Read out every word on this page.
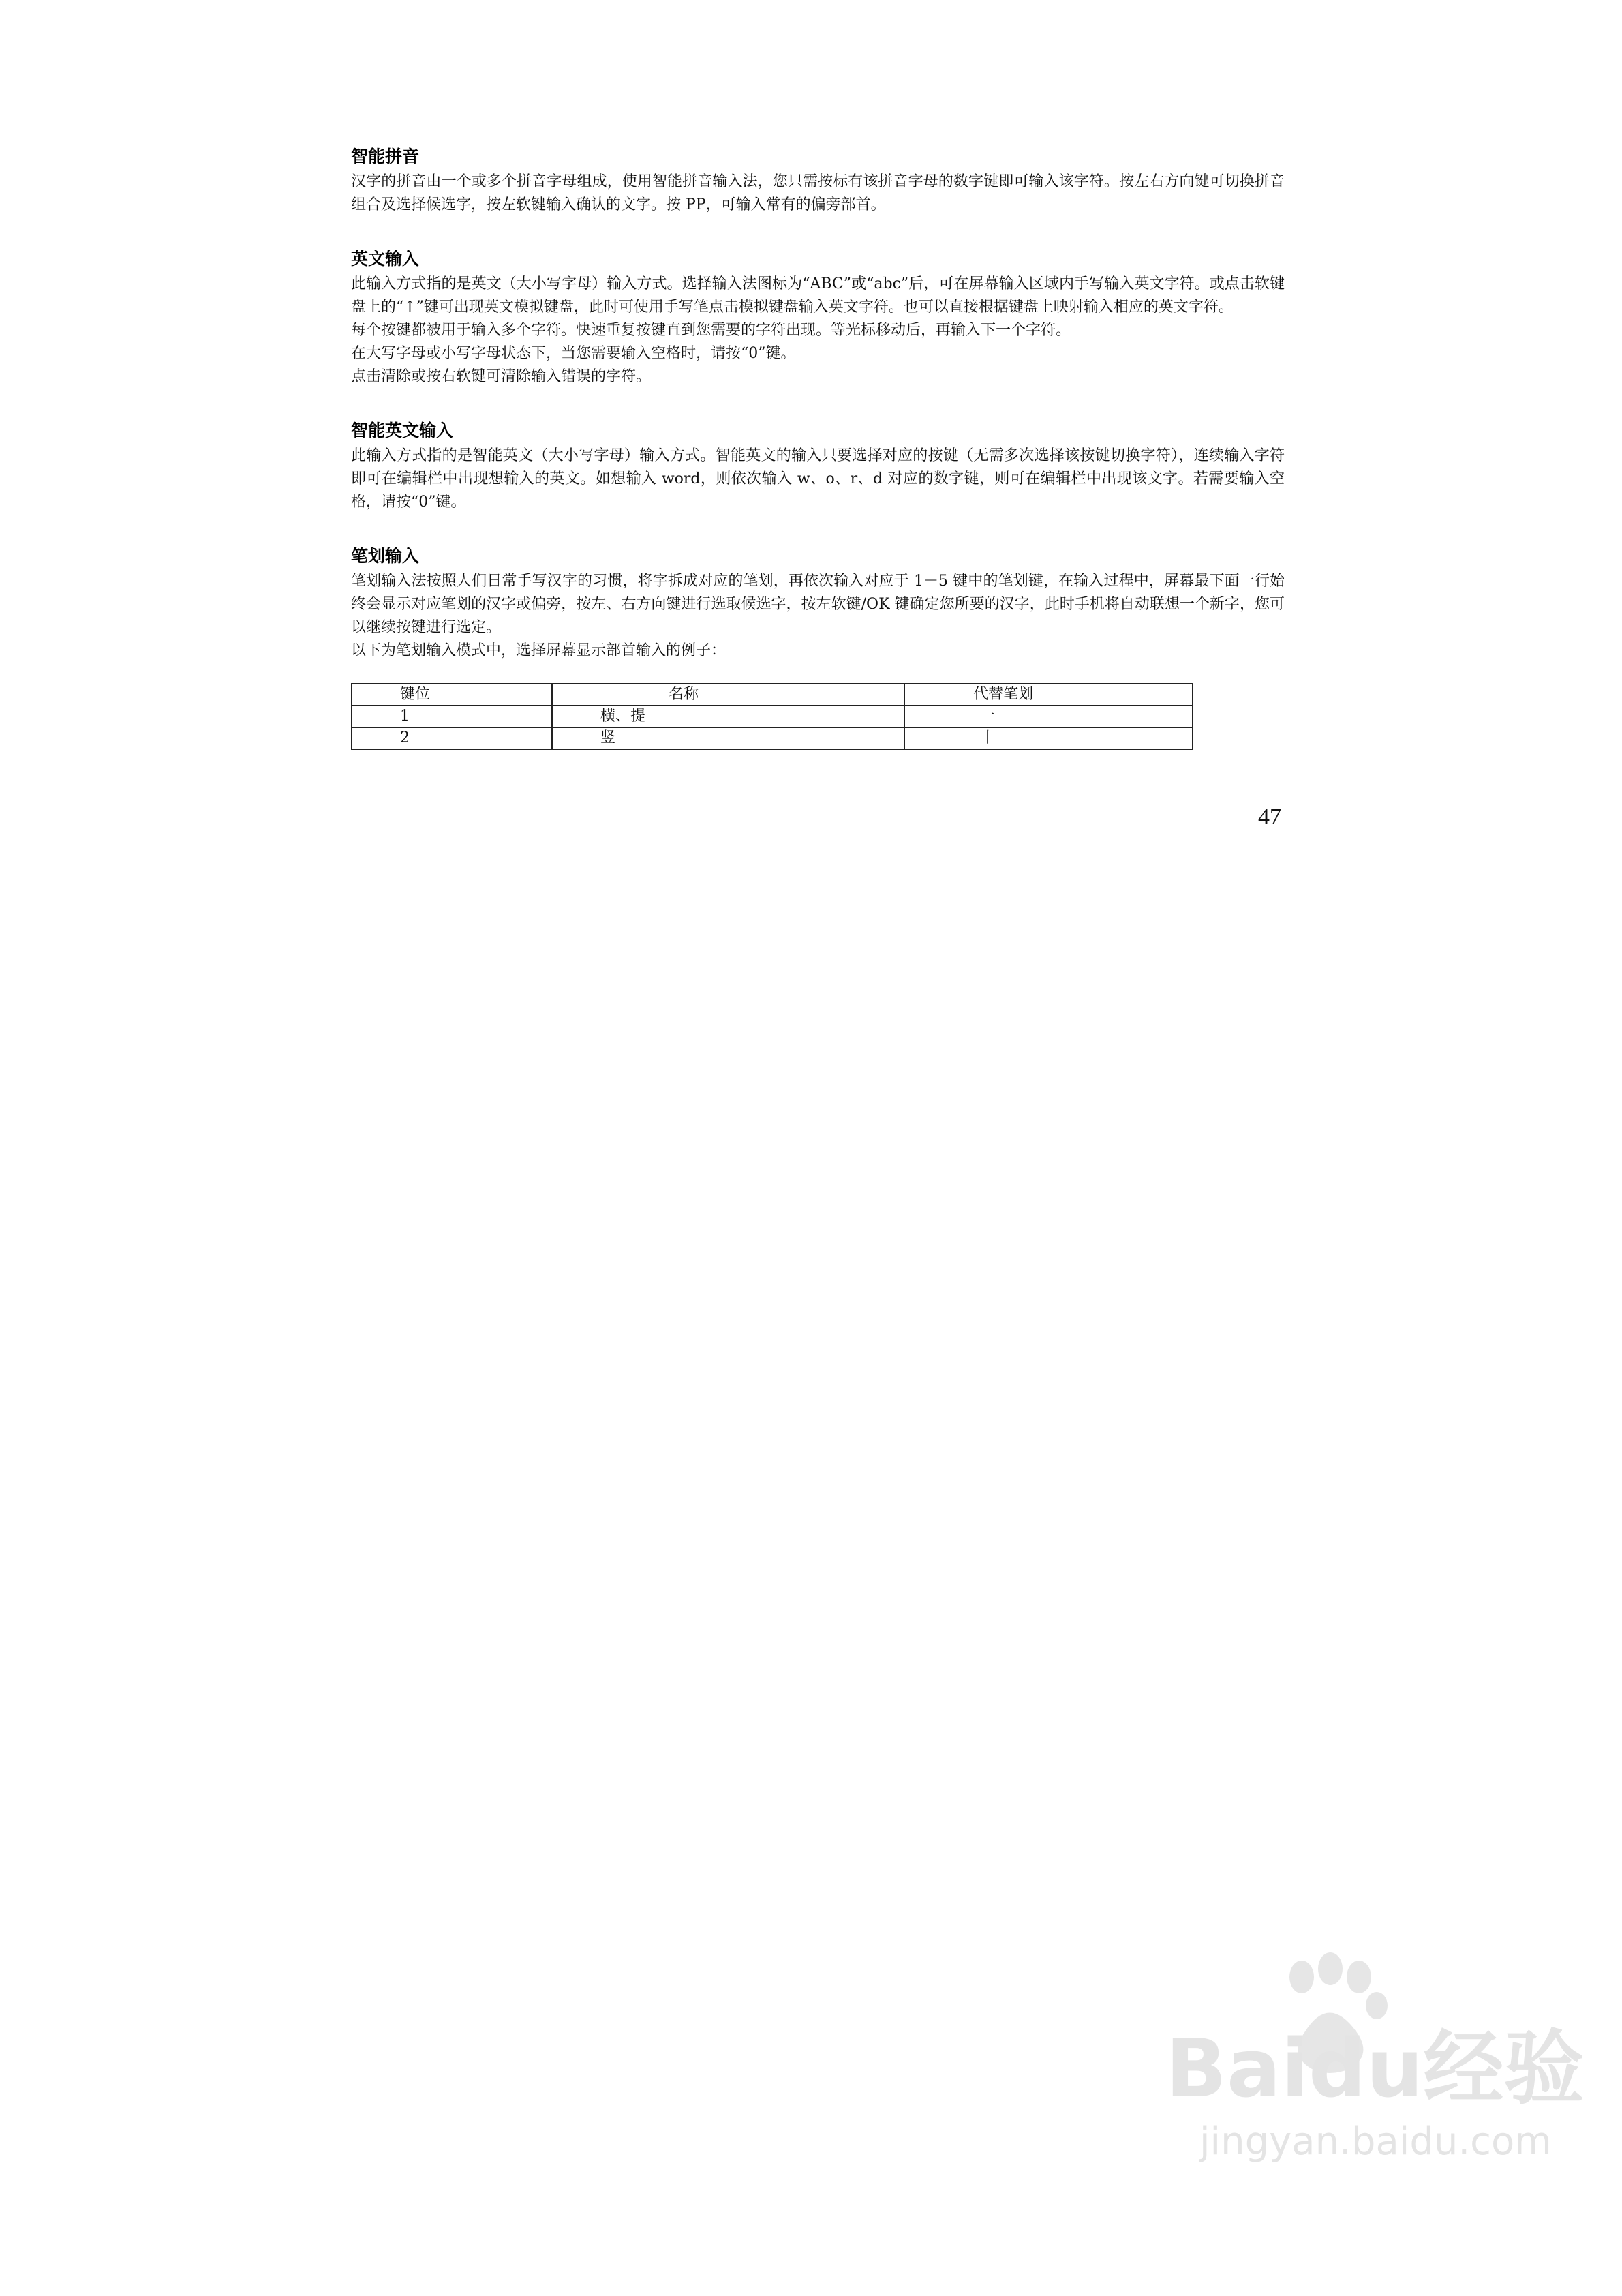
智能拼音

汉字的拼音由一个或多个拼音字母组成，使用智能拼音输入法，您只需按标有该拼音字母的数字键即可输入该字符。按左右方向键可切换拼音组合及选择候选字，按左软键输入确认的文字。按 PP，可输入常有的偏旁部首。

英文输入

此输入方式指的是英文（大小写字母）输入方式。选择输入法图标为“ABC”或“abc”后，可在屏幕输入区域内手写输入英文字符。或点击软键盘上的“↑”键可出现英文模拟键盘，此时可使用手写笔点击模拟键盘输入英文字符。也可以直接根据键盘上映射输入相应的英文字符。

每个按键都被用于输入多个字符。快速重复按键直到您需要的字符出现。等光标移动后，再输入下一个字符。

在大写字母或小写字母状态下，当您需要输入空格时，请按“0”键。

点击清除或按右软键可清除输入错误的字符。

智能英文输入

此输入方式指的是智能英文（大小写字母）输入方式。智能英文的输入只要选择对应的按键（无需多次选择该按键切换字符），连续输入字符即可在编辑栏中出现想输入的英文。如想输入 word，则依次输入 w、o、r、d 对应的数字键，则可在编辑栏中出现该文字。若需要输入空格，请按“0”键。

笔划输入

笔划输入法按照人们日常手写汉字的习惯，将字拆成对应的笔划，再依次输入对应于 1－5 键中的笔划键，在输入过程中，屏幕最下面一行始终会显示对应笔划的汉字或偏旁，按左、右方向键进行选取候选字，按左软键/OK 键确定您所要的汉字，此时手机将自动联想一个新字，您可以继续按键进行选定。

以下为笔划输入模式中，选择屏幕显示部首输入的例子：

键位	名称	代替笔划
1	横、提	一
2	竖	丨
47
Baidu经验
jingyan.baidu.com
